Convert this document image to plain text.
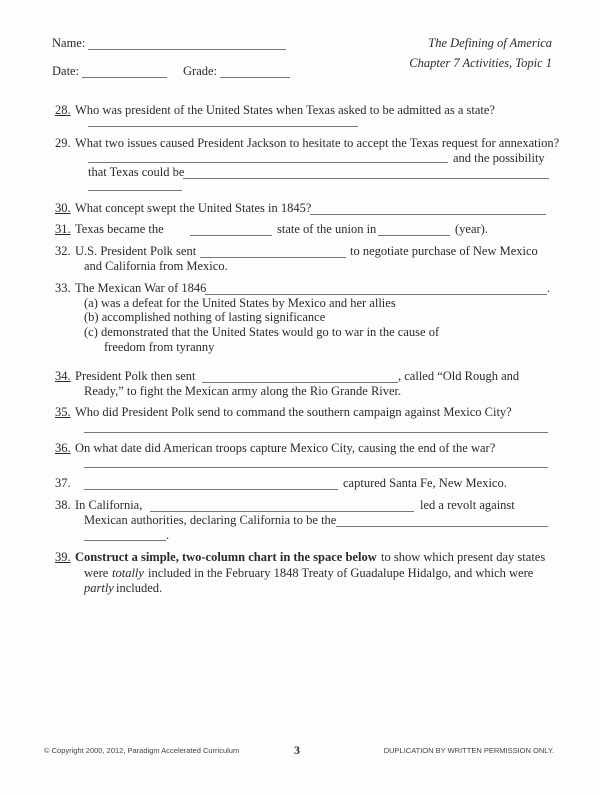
Name:
Date:	Grade:
The Defining of America
Chapter 7 Activities, Topic 1
28. Who was president of the United States when Texas asked to be admitted as a state?
29. What two issues caused President Jackson to hesitate to accept the Texas request for annexation?
and the possibility
that Texas could be
30. What concept swept the United States in 1845?
31. Texas became the	state of the union in	(year).
32. U.S. President Polk sent	to negotiate purchase of New Mexico
and California from Mexico.
33. The Mexican War of 1846	.
(a) was a defeat for the United States by Mexico and her allies
(b) accomplished nothing of lasting significance
(c) demonstrated that the United States would go to war in the cause of
freedom from tyranny
34. President Polk then sent	, called “Old Rough and
Ready,” to fight the Mexican army along the Rio Grande River.
35. Who did President Polk send to command the southern campaign against Mexico City?
36. On what date did American troops capture Mexico City, causing the end of the war?
37.	captured Santa Fe, New Mexico.
38. In California,	led a revolt against
Mexican authorities, declaring California to be the
.
39. Construct a simple, two-column chart in the space below to show which present day states
were totally included in the February 1848 Treaty of Guadalupe Hidalgo, and which were
partly included.
© Copyright 2000, 2012, Paradigm Accelerated Curriculum	3	DUPLICATION BY WRITTEN PERMISSION ONLY.
